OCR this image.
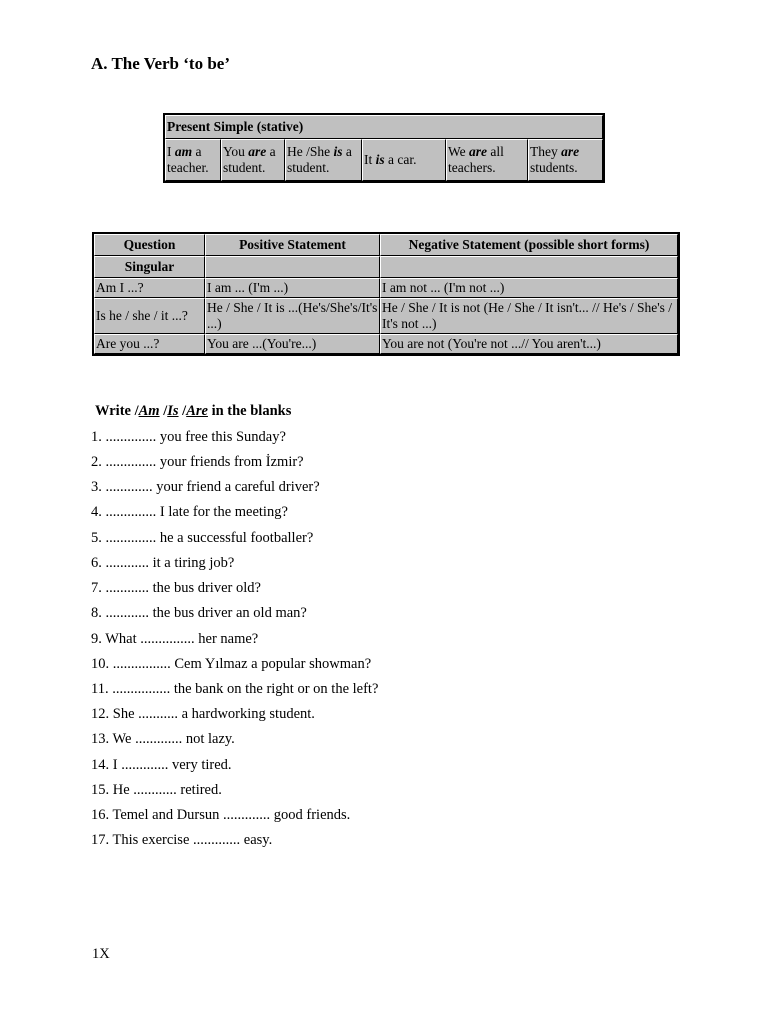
A. The Verb ‘to be’
Present Simple (stative)
I am a teacher.	You are a student.	He /She is a student.	It is a car.	We are all teachers.	They are students.
Question	Positive Statement	Negative Statement (possible short forms)
Singular		
Am I ...?	I am ... (I'm ...)	I am not ... (I'm not ...)
Is he / she / it ...?	He / She / It is ...(He's/She's/It's ...)	He / She / It is not (He / She / It isn't... // He's / She's / It's not ...)
Are you ...?	You are ...(You're...)	You are not (You're not ...// You aren't...)
Write /Am /Is /Are in the blanks
1. .............. you free this Sunday?
2. .............. your friends from İzmir?
3. ............. your friend a careful driver?
4. .............. I late for the meeting?
5. .............. he a successful footballer?
6. ............ it a tiring job?
7. ............ the bus driver old?
8. ............ the bus driver an old man?
9. What ............... her name?
10. ................ Cem Yılmaz a popular showman?
11. ................ the bank on the right or on the left?
12. She ........... a hardworking student.
13. We ............. not lazy.
14. I ............. very tired.
15. He ............ retired.
16. Temel and Dursun ............. good friends.
17. This exercise ............. easy.
1X
